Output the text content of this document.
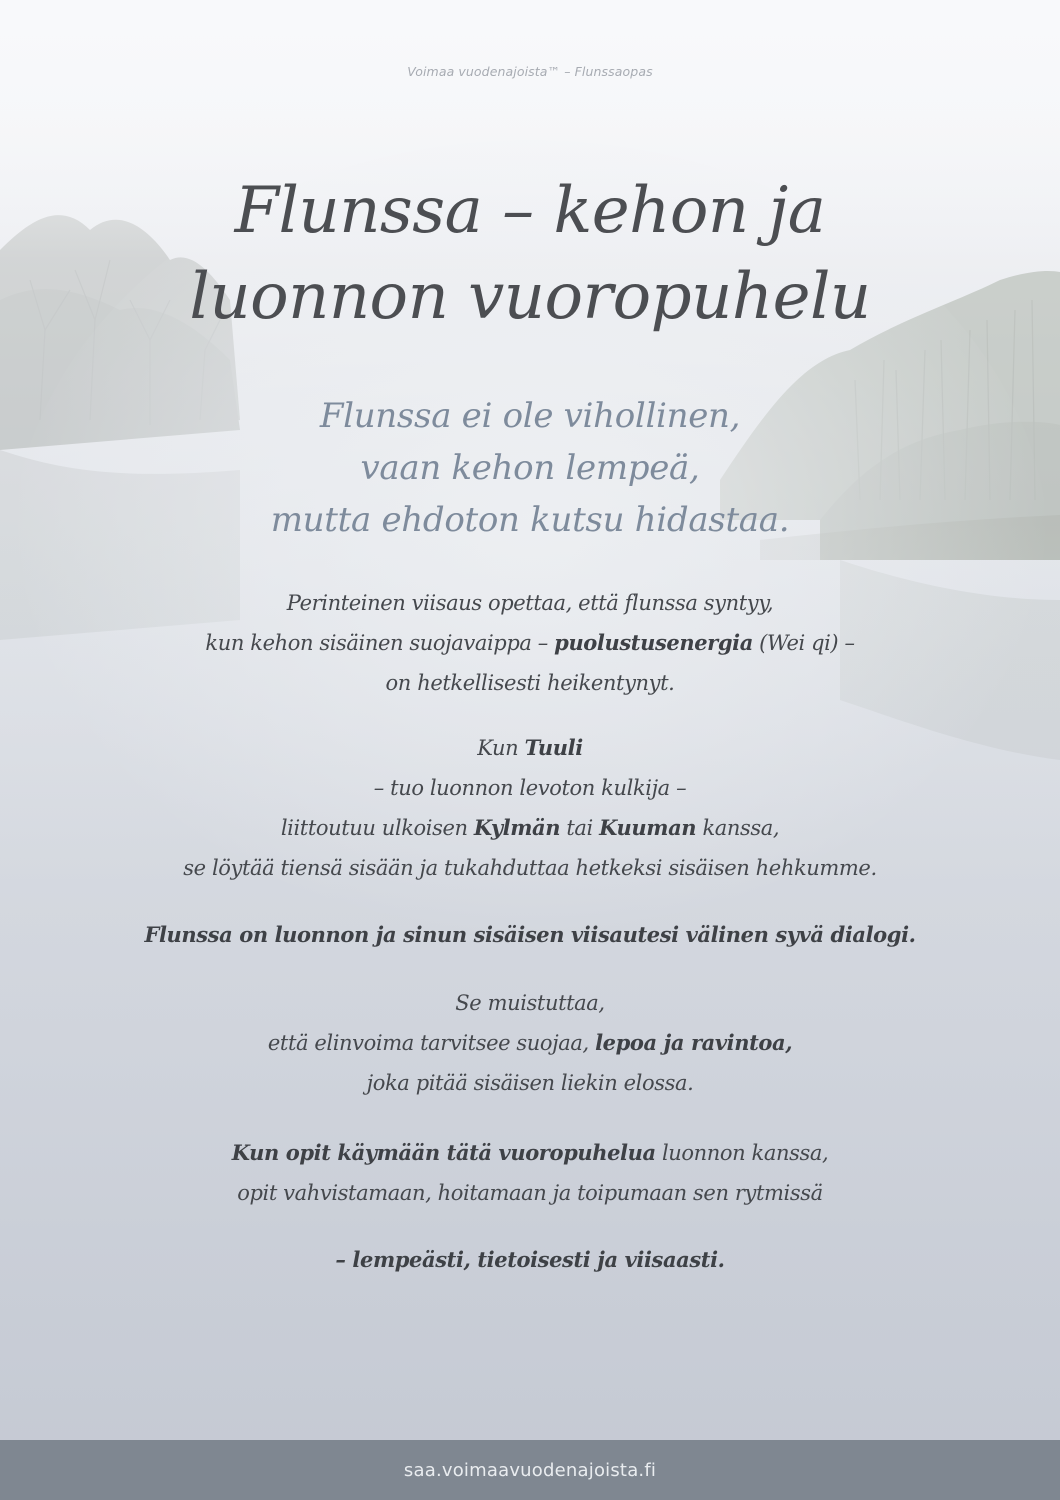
Voimaa vuodenajoista™ – Flunssaopas
Flunssa – kehon ja
luonnon vuoropuhelu

Flunssa ei ole vihollinen,
vaan kehon lempeä,
mutta ehdoton kutsu hidastaa.

Perinteinen viisaus opettaa, että flunssa syntyy,
kun kehon sisäinen suojavaippa – puolustusenergia (Wei qi) –
on hetkellisesti heikentynyt.

Kun Tuuli
– tuo luonnon levoton kulkija –
liittoutuu ulkoisen Kylmän tai Kuuman kanssa,
se löytää tiensä sisään ja tukahduttaa hetkeksi sisäisen hehkumme.

Flunssa on luonnon ja sinun sisäisen viisautesi välinen syvä dialogi.

Se muistuttaa,
että elinvoima tarvitsee suojaa, lepoa ja ravintoa,
joka pitää sisäisen liekin elossa.

Kun opit käymään tätä vuoropuhelua luonnon kanssa,
opit vahvistamaan, hoitamaan ja toipumaan sen rytmissä

– lempeästi, tietoisesti ja viisaasti.

saa.voimaavuodenajoista.fi
